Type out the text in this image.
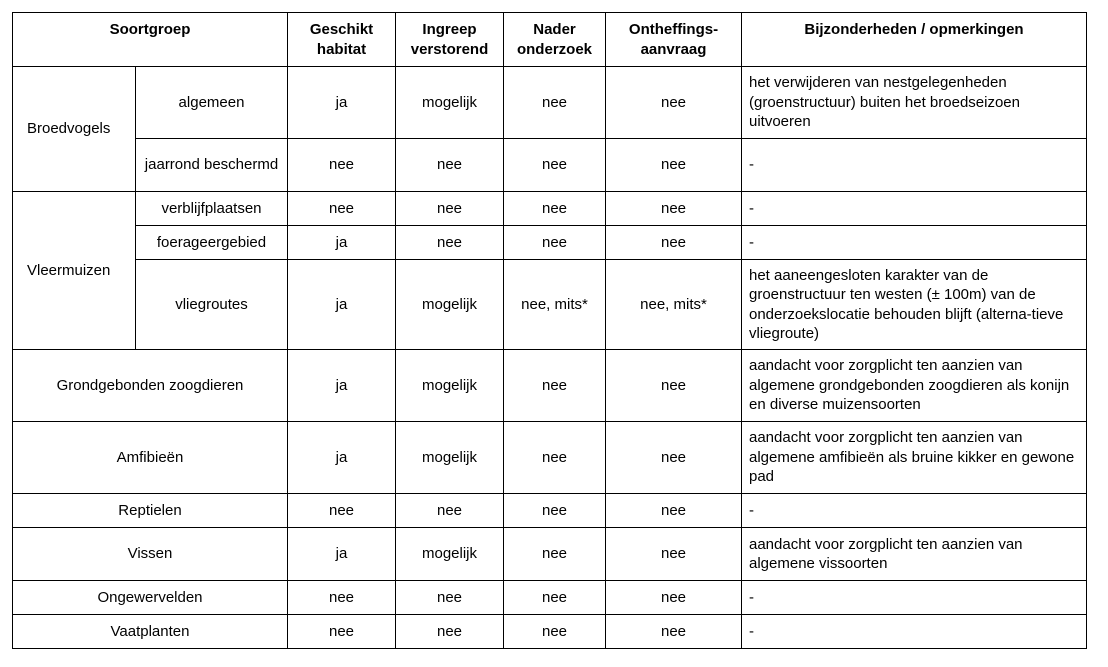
Soortgroep		Geschikt habitat	Ingreep verstorend	Nader onderzoek	Ontheffings-aanvraag	Bijzonderheden / opmerkingen
Broedvogels	algemeen	ja	mogelijk	nee	nee	het verwijderen van nestgelegenheden (groenstructuur) buiten het broedseizoen uitvoeren
	jaarrond beschermd	nee	nee	nee	nee	-
Vleermuizen	verblijfplaatsen	nee	nee	nee	nee	-
	foerageergebied	ja	nee	nee	nee	-
	vliegroutes	ja	mogelijk	nee, mits*	nee, mits*	het aaneengesloten karakter van de groenstructuur ten westen (± 100m) van de onderzoekslocatie behouden blijft (alterna-tieve vliegroute)
Grondgebonden zoogdieren		ja	mogelijk	nee	nee	aandacht voor zorgplicht ten aanzien van algemene grondgebonden zoogdieren als konijn en diverse muizensoorten
Amfibieën		ja	mogelijk	nee	nee	aandacht voor zorgplicht ten aanzien van algemene amfibieën als bruine kikker en gewone pad
Reptielen		nee	nee	nee	nee	-
Vissen		ja	mogelijk	nee	nee	aandacht voor zorgplicht ten aanzien van algemene vissoorten
Ongewervelden		nee	nee	nee	nee	-
Vaatplanten		nee	nee	nee	nee	-
